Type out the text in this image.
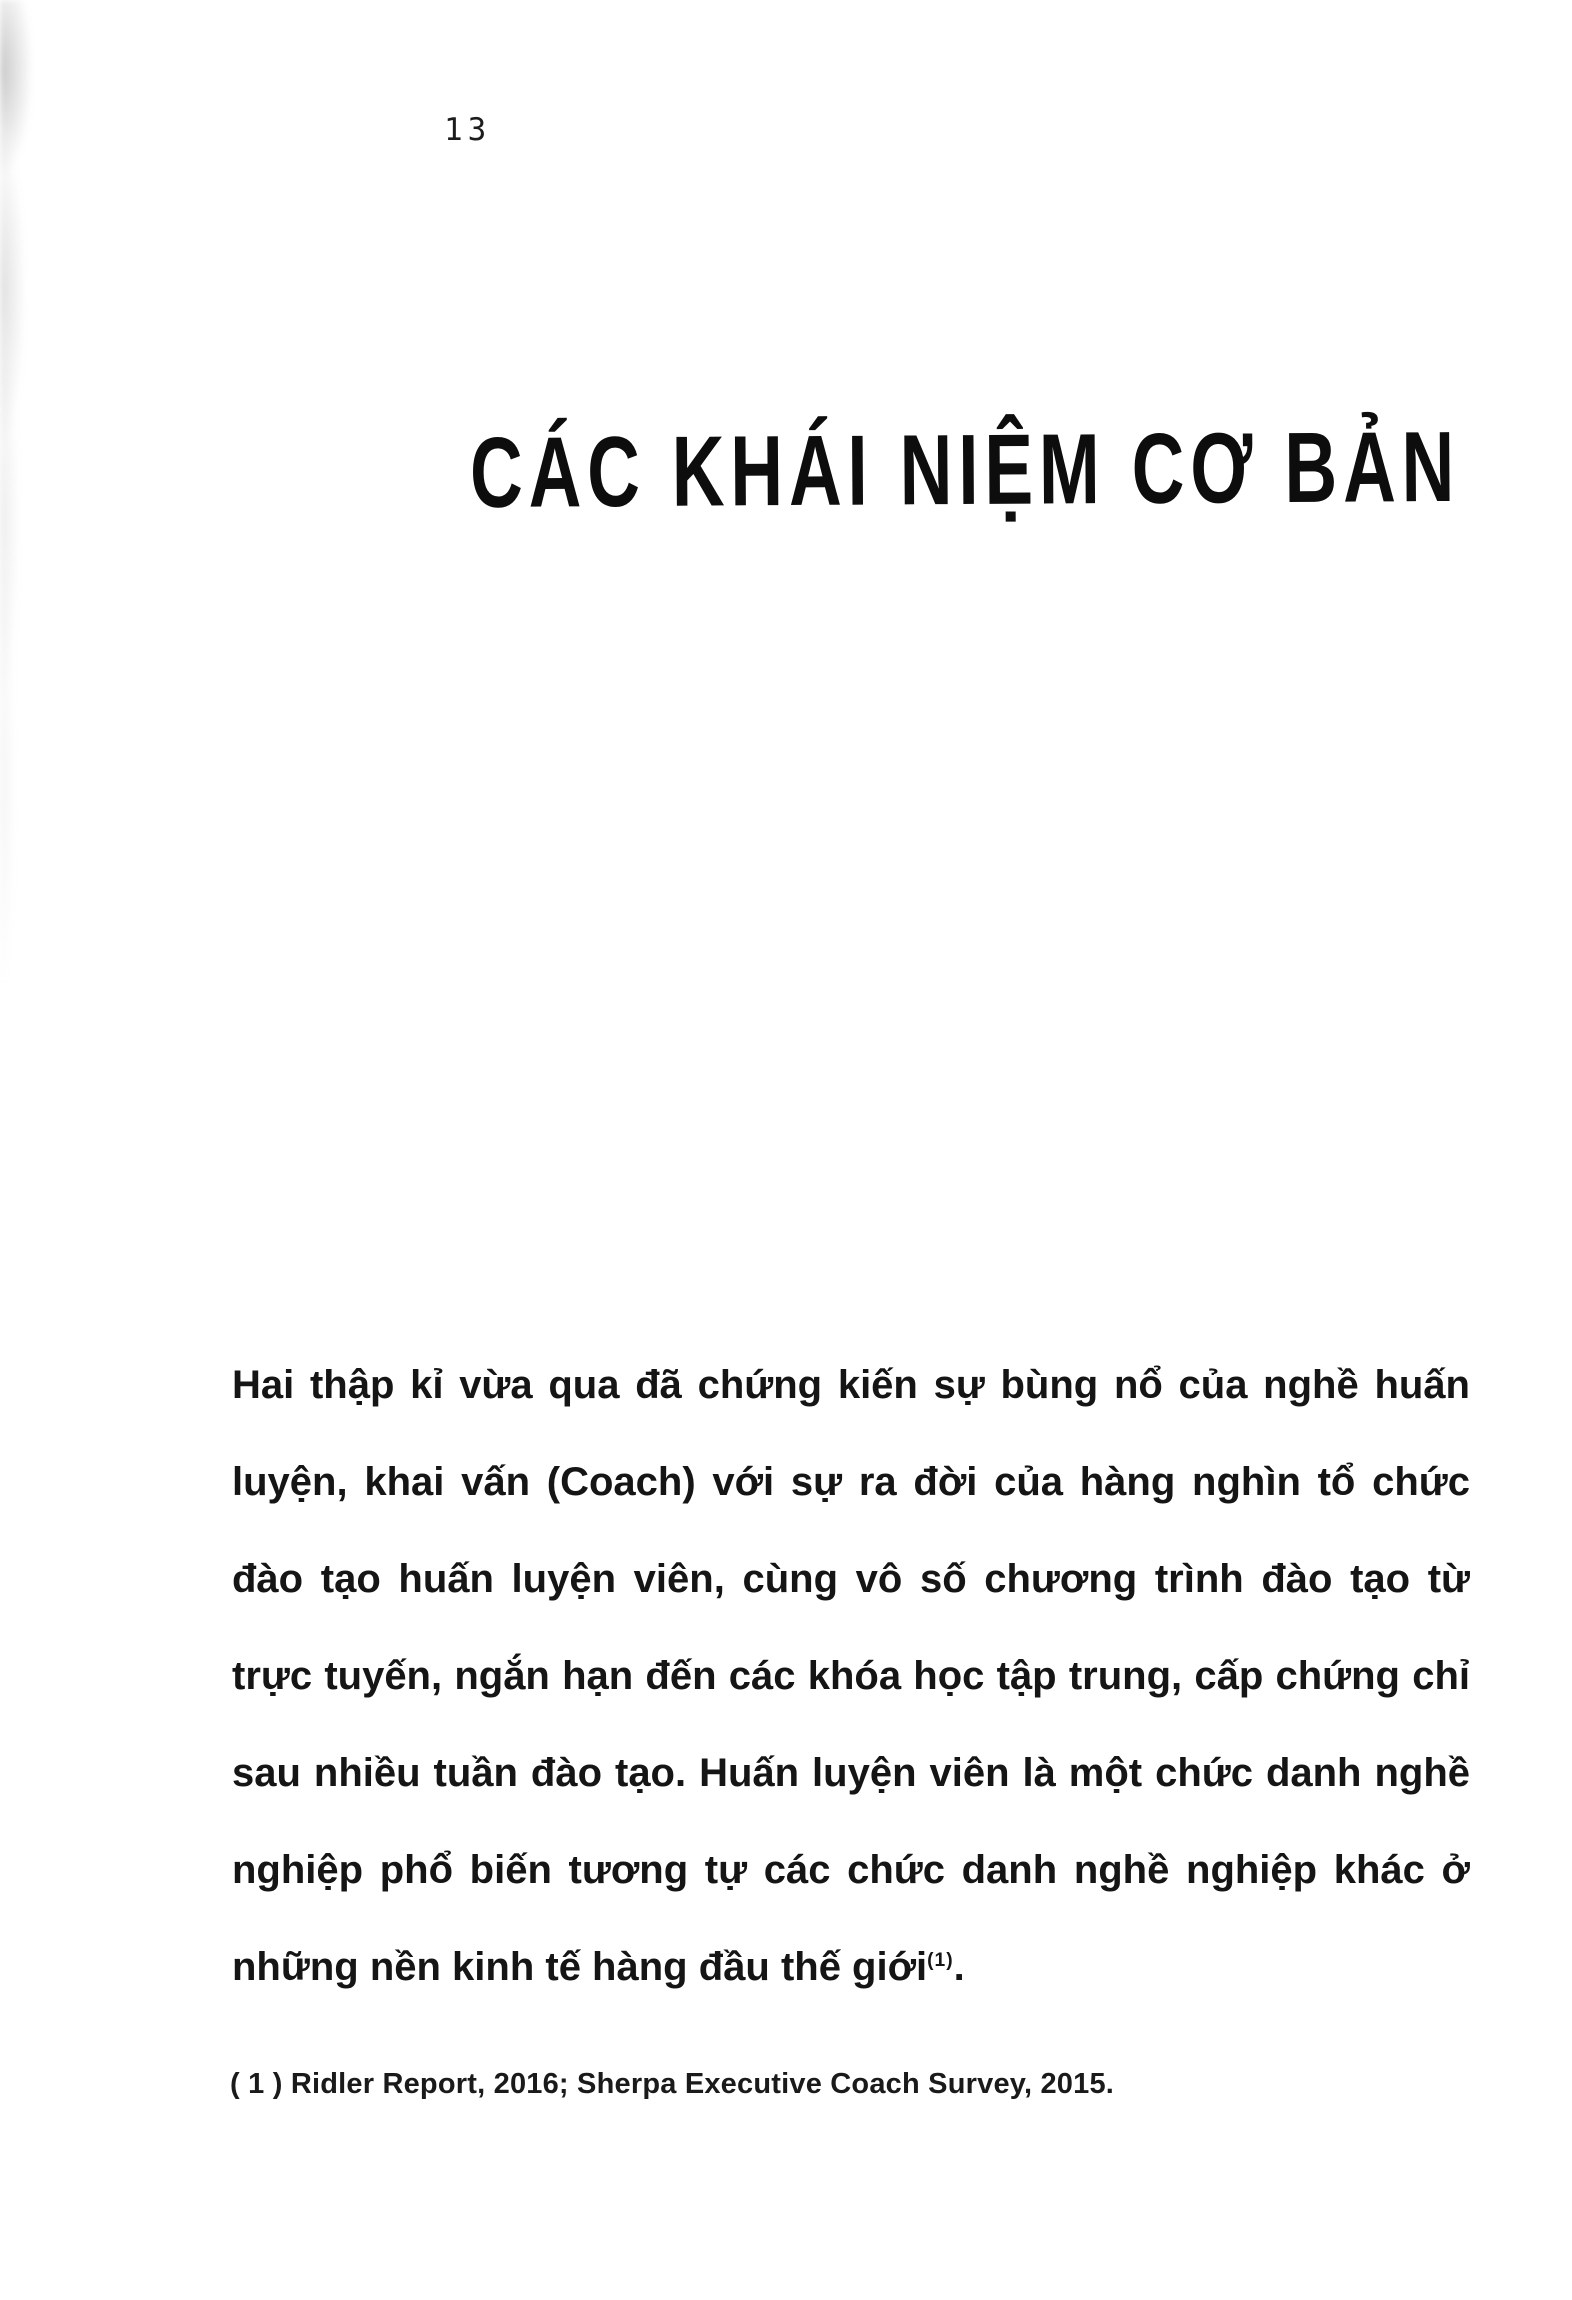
13
CÁC KHÁI NIỆM CƠ BẢN
Hai thập kỉ vừa qua đã chứng kiến sự bùng nổ của nghề huấn
luyện, khai vấn (Coach) với sự ra đời của hàng nghìn tổ chức
đào tạo huấn luyện viên, cùng vô số chương trình đào tạo từ
trực tuyến, ngắn hạn đến các khóa học tập trung, cấp chứng chỉ
sau nhiều tuần đào tạo. Huấn luyện viên là một chức danh nghề
nghiệp phổ biến tương tự các chức danh nghề nghiệp khác ở
những nền kinh tế hàng đầu thế giới$^{(1)}$.
( 1 ) Ridler Report, 2016; Sherpa Executive Coach Survey, 2015.
